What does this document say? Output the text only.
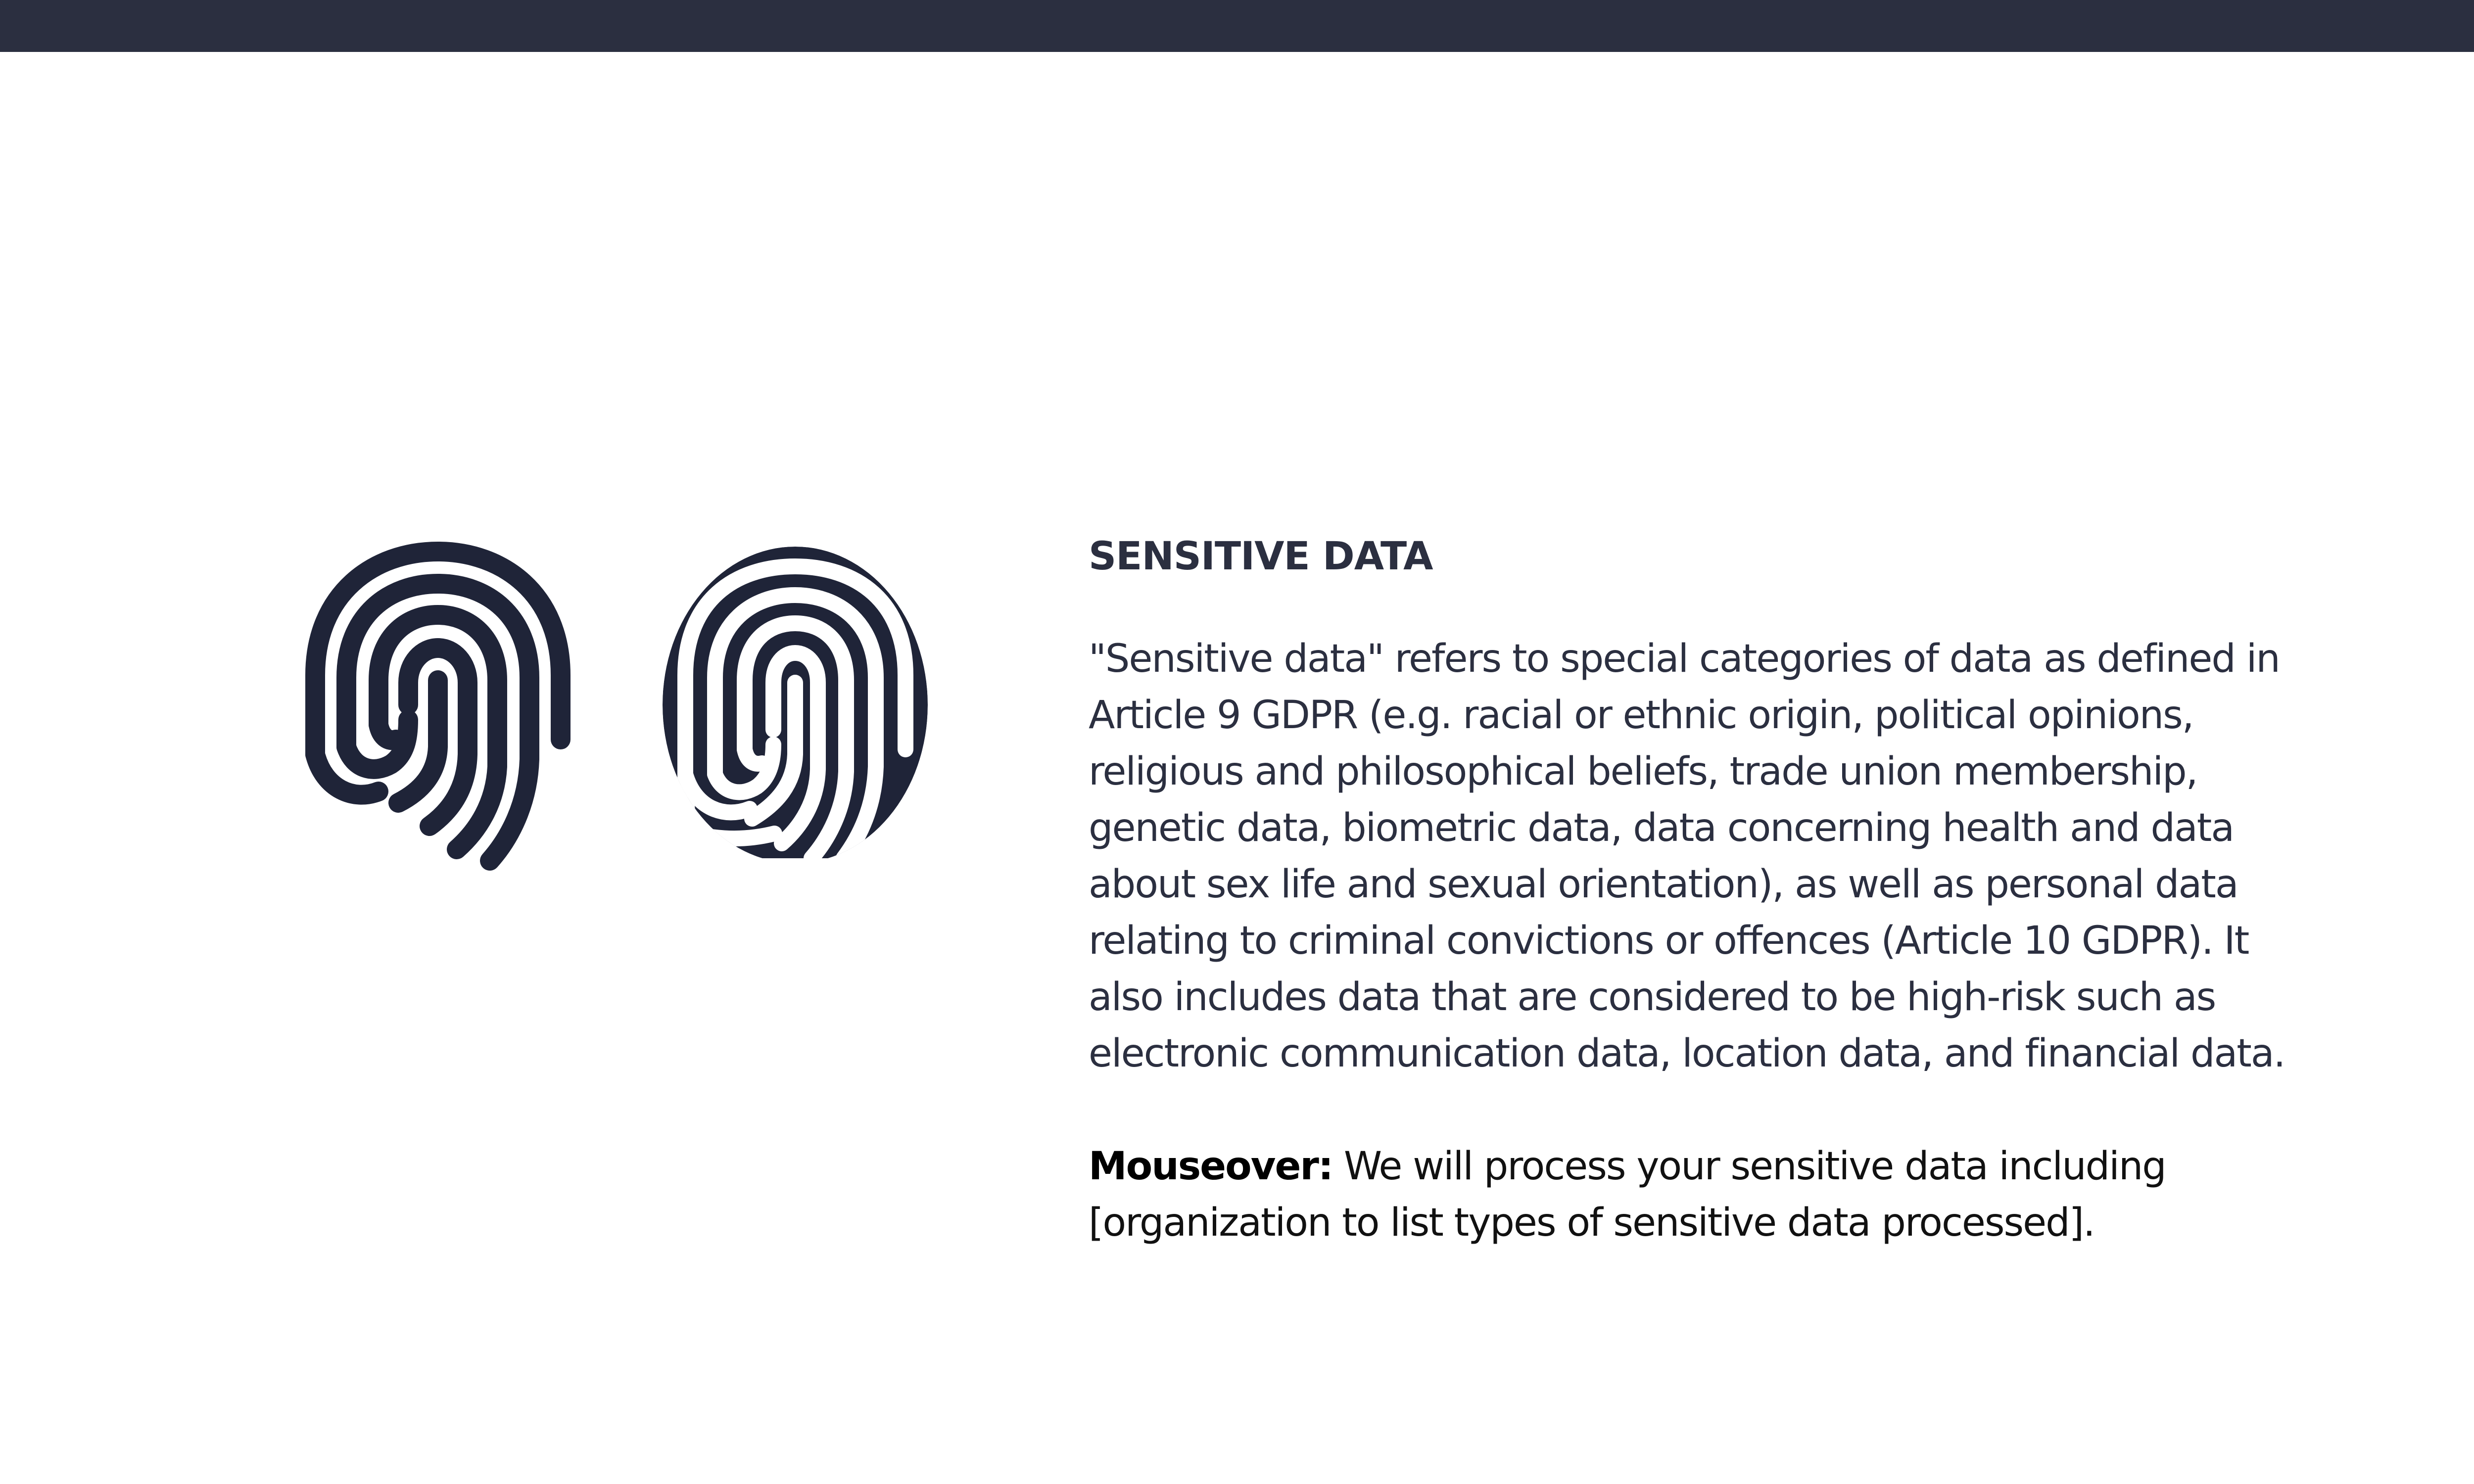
SENSITIVE DATA

"Sensitive data" refers to special categories of data as defined in Article 9 GDPR (e.g. racial or ethnic origin, political opinions, religious and philosophical beliefs, trade union membership, genetic data, biometric data, data concerning health and data about sex life and sexual orientation), as well as personal data relating to criminal convictions or offences (Article 10 GDPR). It also includes data that are considered to be high-risk such as electronic communication data, location data, and financial data.

Mouseover: We will process your sensitive data including [organization to list types of sensitive data processed].
